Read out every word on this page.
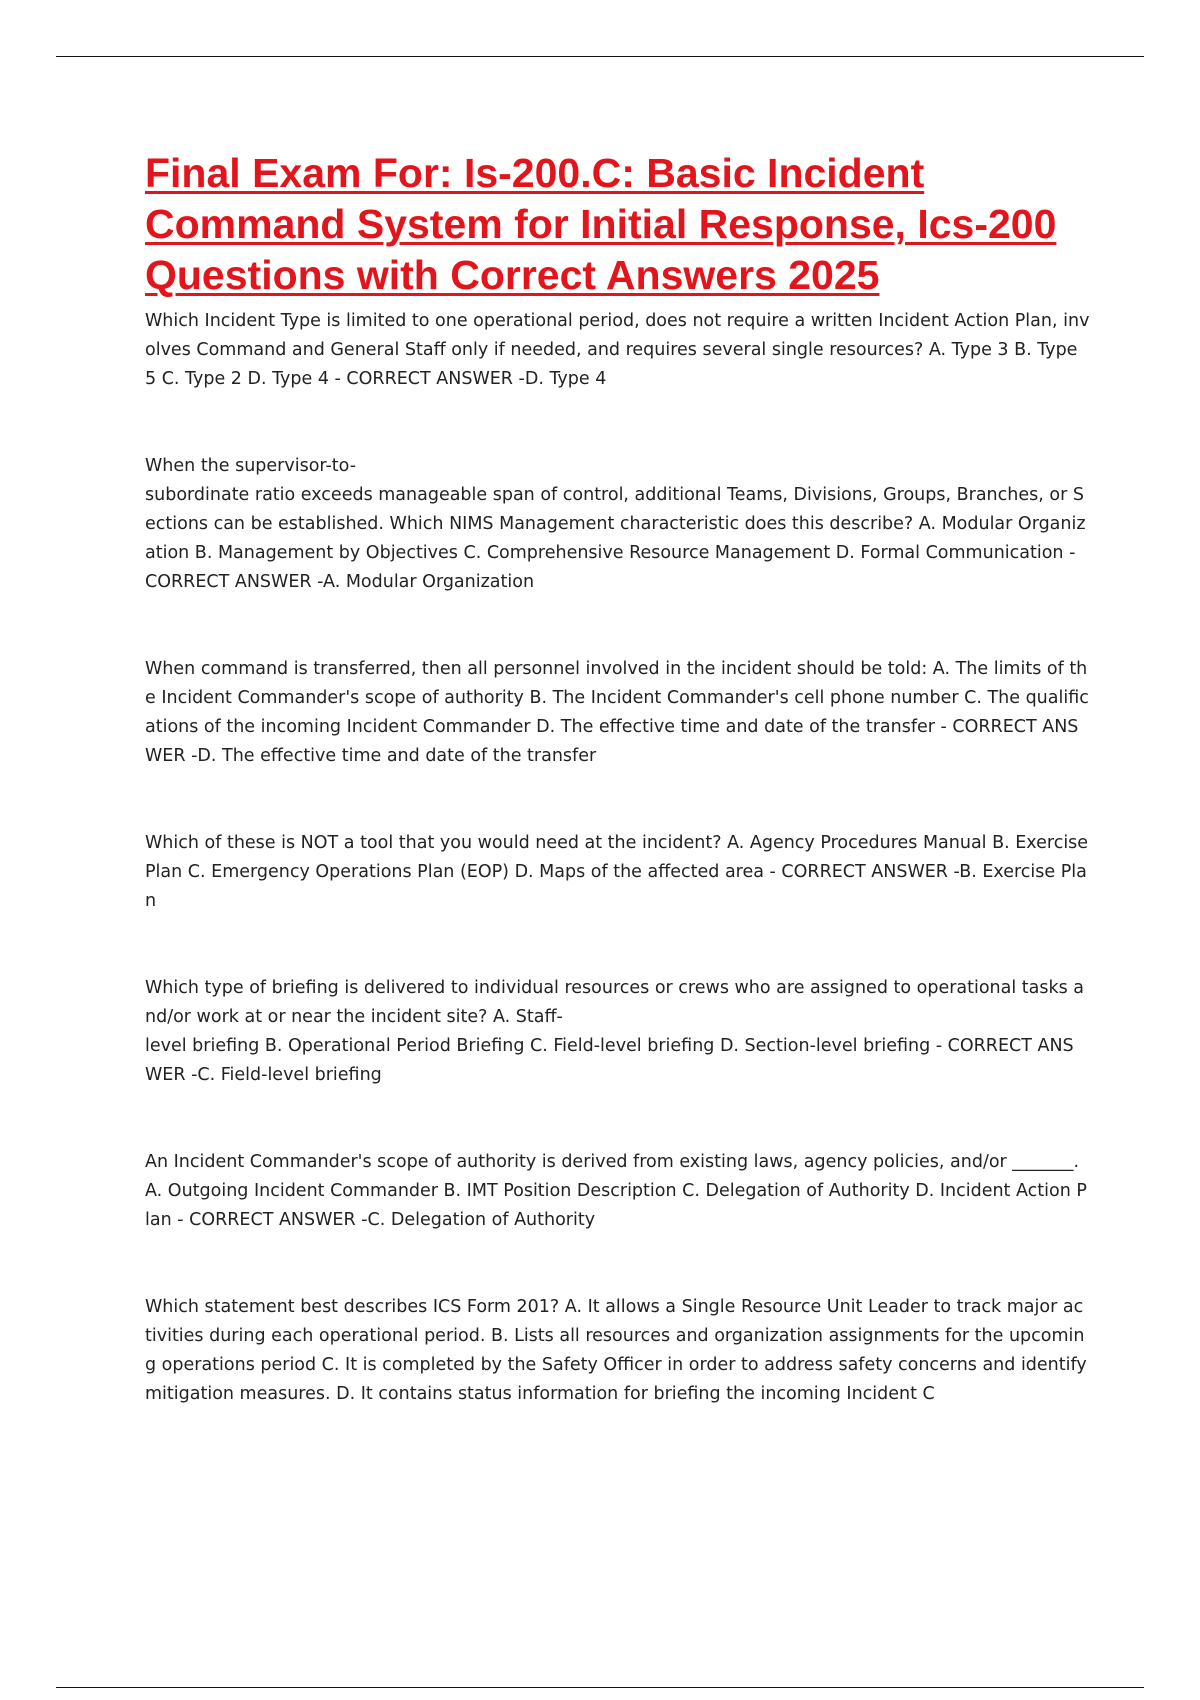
Final Exam For: Is-200.C: Basic Incident Command System for Initial Response, Ics-200 Questions with Correct Answers 2025

Which Incident Type is limited to one operational period, does not require a written Incident Action Plan, involves Command and General Staff only if needed, and requires several single resources? A. Type 3 B. Type 5 C. Type 2 D. Type 4 - CORRECT ANSWER -D. Type 4

When the supervisor-to-
subordinate ratio exceeds manageable span of control, additional Teams, Divisions, Groups, Branches, or Sections can be established. Which NIMS Management characteristic does this describe? A. Modular Organization B. Management by Objectives C. Comprehensive Resource Management D. Formal Communication - CORRECT ANSWER -A. Modular Organization

When command is transferred, then all personnel involved in the incident should be told: A. The limits of the Incident Commander's scope of authority B. The Incident Commander's cell phone number C. The qualifications of the incoming Incident Commander D. The effective time and date of the transfer - CORRECT ANSWER -D. The effective time and date of the transfer

Which of these is NOT a tool that you would need at the incident? A. Agency Procedures Manual B. Exercise Plan C. Emergency Operations Plan (EOP) D. Maps of the affected area - CORRECT ANSWER -B. Exercise Plan

Which type of briefing is delivered to individual resources or crews who are assigned to operational tasks and/or work at or near the incident site? A. Staff-
level briefing B. Operational Period Briefing C. Field-level briefing D. Section-level briefing - CORRECT ANSWER -C. Field-level briefing

An Incident Commander's scope of authority is derived from existing laws, agency policies, and/or _______. A. Outgoing Incident Commander B. IMT Position Description C. Delegation of Authority D. Incident Action Plan - CORRECT ANSWER -C. Delegation of Authority

Which statement best describes ICS Form 201? A. It allows a Single Resource Unit Leader to track major activities during each operational period. B. Lists all resources and organization assignments for the upcoming operations period C. It is completed by the Safety Officer in order to address safety concerns and identify mitigation measures. D. It contains status information for briefing the incoming Incident C
